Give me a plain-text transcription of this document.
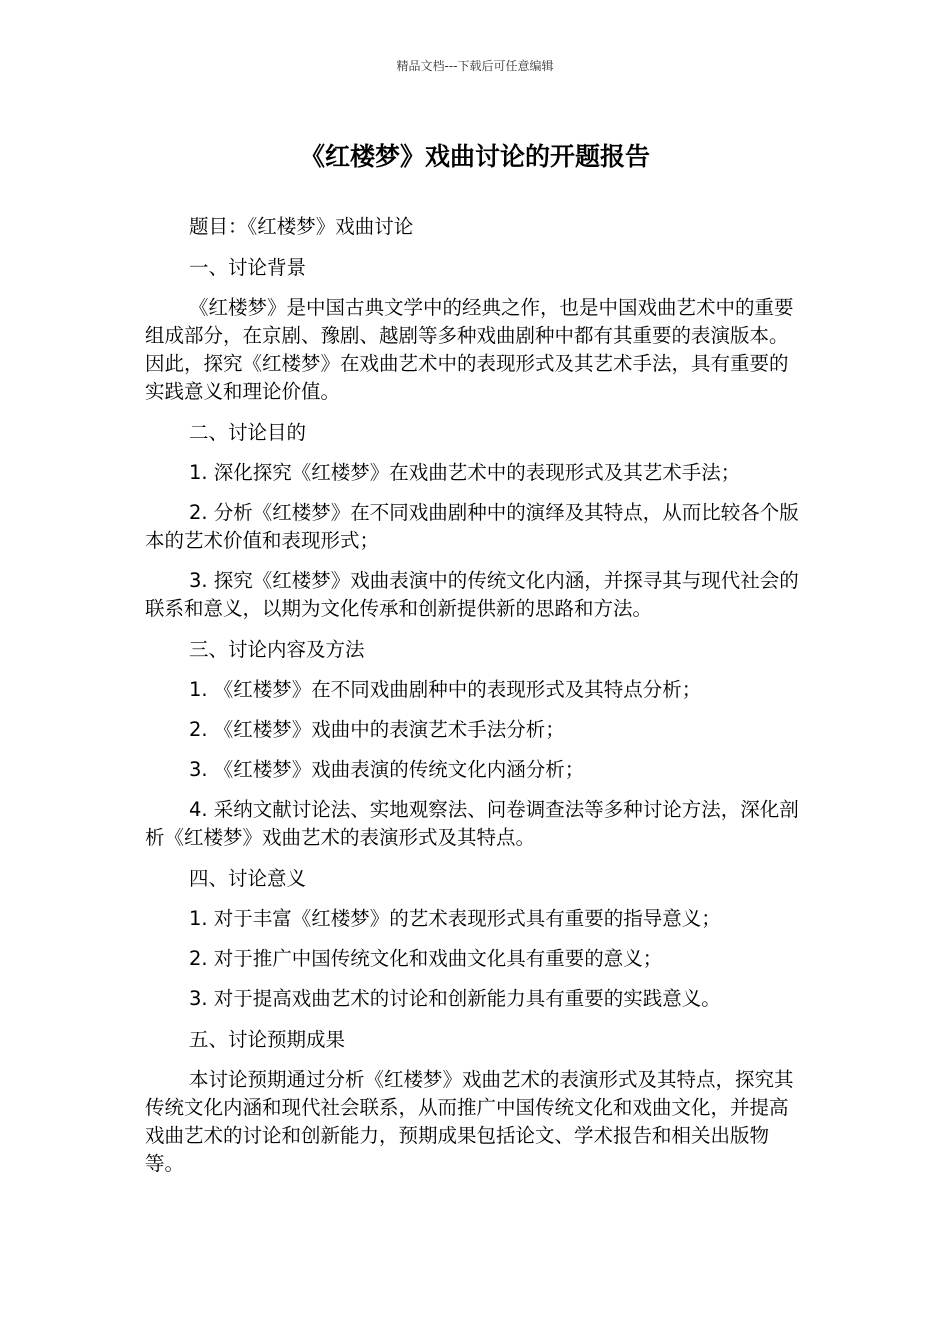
精品文档---下载后可任意编辑
《红楼梦》戏曲讨论的开题报告

题目：《红楼梦》戏曲讨论

一、讨论背景

《红楼梦》是中国古典文学中的经典之作，也是中国戏曲艺术中的重要组成部分，在京剧、豫剧、越剧等多种戏曲剧种中都有其重要的表演版本。因此，探究《红楼梦》在戏曲艺术中的表现形式及其艺术手法，具有重要的实践意义和理论价值。

二、讨论目的

1. 深化探究《红楼梦》在戏曲艺术中的表现形式及其艺术手法；

2. 分析《红楼梦》在不同戏曲剧种中的演绎及其特点，从而比较各个版本的艺术价值和表现形式；

3. 探究《红楼梦》戏曲表演中的传统文化内涵，并探寻其与现代社会的联系和意义，以期为文化传承和创新提供新的思路和方法。

三、讨论内容及方法

1. 《红楼梦》在不同戏曲剧种中的表现形式及其特点分析；

2. 《红楼梦》戏曲中的表演艺术手法分析；

3. 《红楼梦》戏曲表演的传统文化内涵分析；

4. 采纳文献讨论法、实地观察法、问卷调查法等多种讨论方法，深化剖析《红楼梦》戏曲艺术的表演形式及其特点。

四、讨论意义

1. 对于丰富《红楼梦》的艺术表现形式具有重要的指导意义；

2. 对于推广中国传统文化和戏曲文化具有重要的意义；

3. 对于提高戏曲艺术的讨论和创新能力具有重要的实践意义。

五、讨论预期成果

本讨论预期通过分析《红楼梦》戏曲艺术的表演形式及其特点，探究其传统文化内涵和现代社会联系，从而推广中国传统文化和戏曲文化，并提高戏曲艺术的讨论和创新能力，预期成果包括论文、学术报告和相关出版物等。
